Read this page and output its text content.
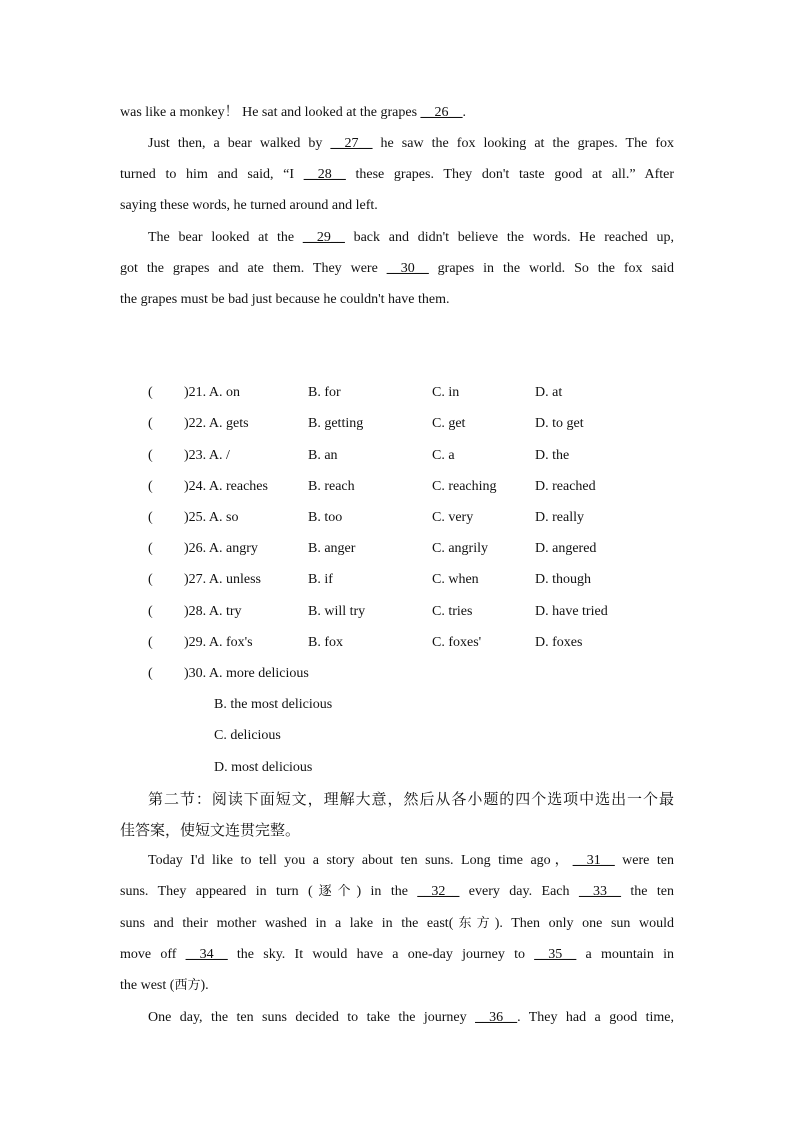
was like a monkey！ He sat and looked at the grapes __26__.
Just then, a bear walked by __27__ he saw the fox looking at the grapes. The fox
turned to him and said, “I __28__ these grapes. They don't taste good at all.” After
saying these words, he turned around and left.
The bear looked at the __29__ back and didn't believe the words. He reached up,
got the grapes and ate them. They were __30__ grapes in the world. So the fox said
the grapes must be bad just because he couldn't have them.
( )21. A. on	B. for	C. in	D. at
( )22. A. gets	B. getting	C. get	D. to get
( )23. A. /	B. an	C. a	D. the
( )24. A. reaches	B. reach	C. reaching	D. reached
( )25. A. so	B. too	C. very	D. really
( )26. A. angry	B. anger	C. angrily	D. angered
( )27. A. unless	B. if	C. when	D. though
( )28. A. try	B. will try	C. tries	D. have tried
( )29. A. fox's	B. fox	C. foxes'	D. foxes
( )30. A. more delicious
B. the most delicious
C. delicious
D. most delicious
第二节：阅读下面短文，理解大意，然后从各小题的四个选项中选出一个最
佳答案，使短文连贯完整。
Today I'd like to tell you a story about ten suns. Long time ago，__31__ were ten
suns. They appeared in turn (逐个) in the __32__ every day. Each __33__ the ten
suns and their mother washed in a lake in the east(东方). Then only one sun would
move off __34__ the sky. It would have a one-day journey to __35__ a mountain in
the west (西方).
One day, the ten suns decided to take the journey __36__. They had a good time,
